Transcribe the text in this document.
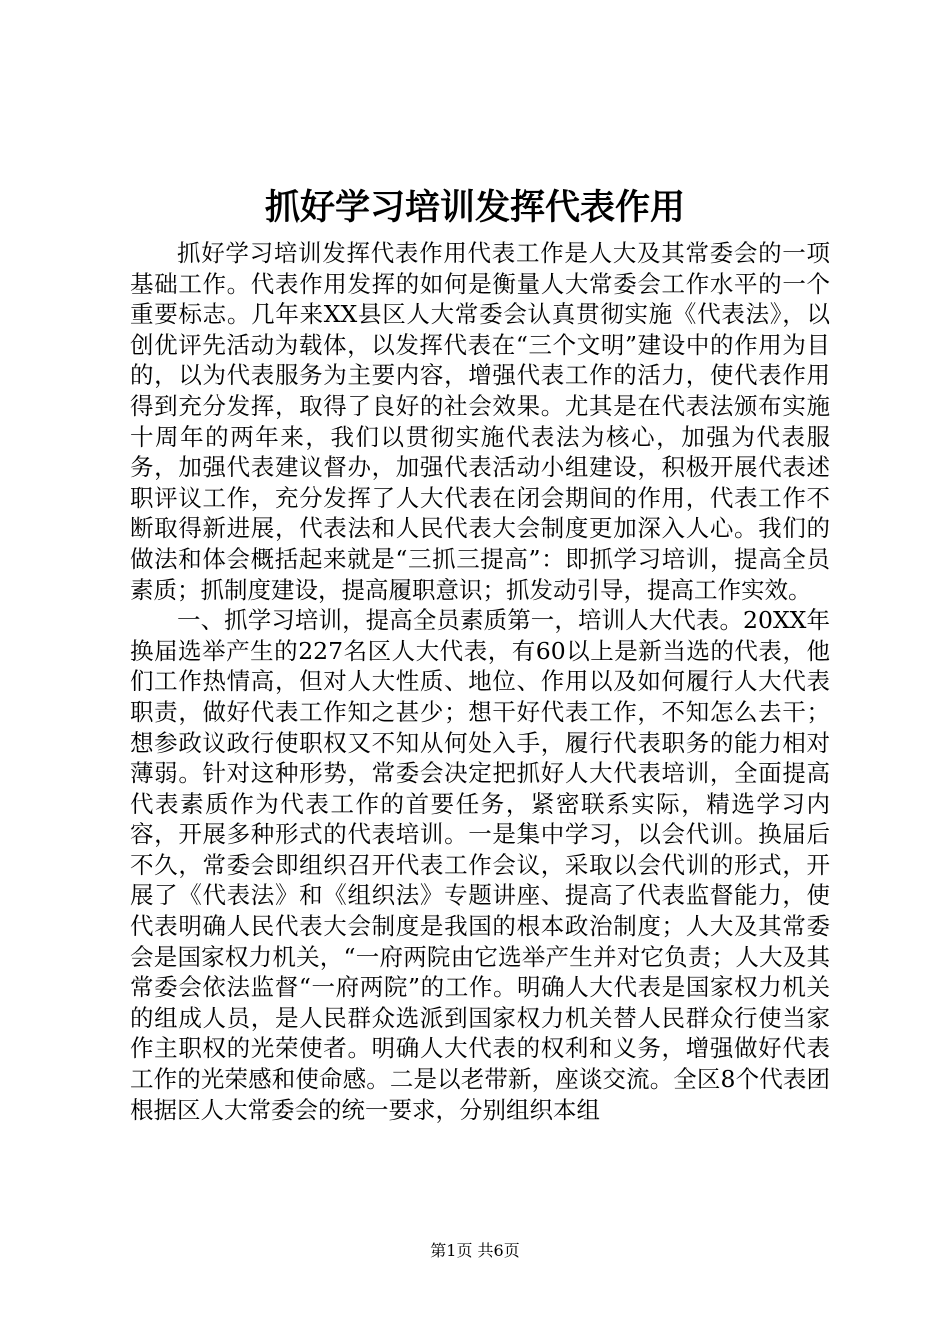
抓好学习培训发挥代表作用

抓好学习培训发挥代表作用代表工作是人大及其常委会的一项基础工作。代表作用发挥的如何是衡量人大常委会工作水平的一个重要标志。几年来XX县区人大常委会认真贯彻实施《代表法》，以创优评先活动为载体，以发挥代表在“三个文明”建设中的作用为目的，以为代表服务为主要内容，增强代表工作的活力，使代表作用得到充分发挥，取得了良好的社会效果。尤其是在代表法颁布实施十周年的两年来，我们以贯彻实施代表法为核心，加强为代表服务，加强代表建议督办，加强代表活动小组建设，积极开展代表述职评议工作，充分发挥了人大代表在闭会期间的作用，代表工作不断取得新进展，代表法和人民代表大会制度更加深入人心。我们的做法和体会概括起来就是“三抓三提高”：即抓学习培训，提高全员素质；抓制度建设，提高履职意识；抓发动引导，提高工作实效。

一、抓学习培训，提高全员素质第一，培训人大代表。20XX年换届选举产生的227名区人大代表，有60以上是新当选的代表，他们工作热情高，但对人大性质、地位、作用以及如何履行人大代表职责，做好代表工作知之甚少；想干好代表工作，不知怎么去干；想参政议政行使职权又不知从何处入手，履行代表职务的能力相对薄弱。针对这种形势，常委会决定把抓好人大代表培训，全面提高代表素质作为代表工作的首要任务，紧密联系实际，精选学习内容，开展多种形式的代表培训。一是集中学习，以会代训。换届后不久，常委会即组织召开代表工作会议，采取以会代训的形式，开展了《代表法》和《组织法》专题讲座、提高了代表监督能力，使代表明确人民代表大会制度是我国的根本政治制度；人大及其常委会是国家权力机关，“一府两院由它选举产生并对它负责；人大及其常委会依法监督“一府两院”的工作。明确人大代表是国家权力机关的组成人员，是人民群众选派到国家权力机关替人民群众行使当家作主职权的光荣使者。明确人大代表的权利和义务，增强做好代表工作的光荣感和使命感。二是以老带新，座谈交流。全区8个代表团根据区人大常委会的统一要求，分别组织本组

第1页 共6页
